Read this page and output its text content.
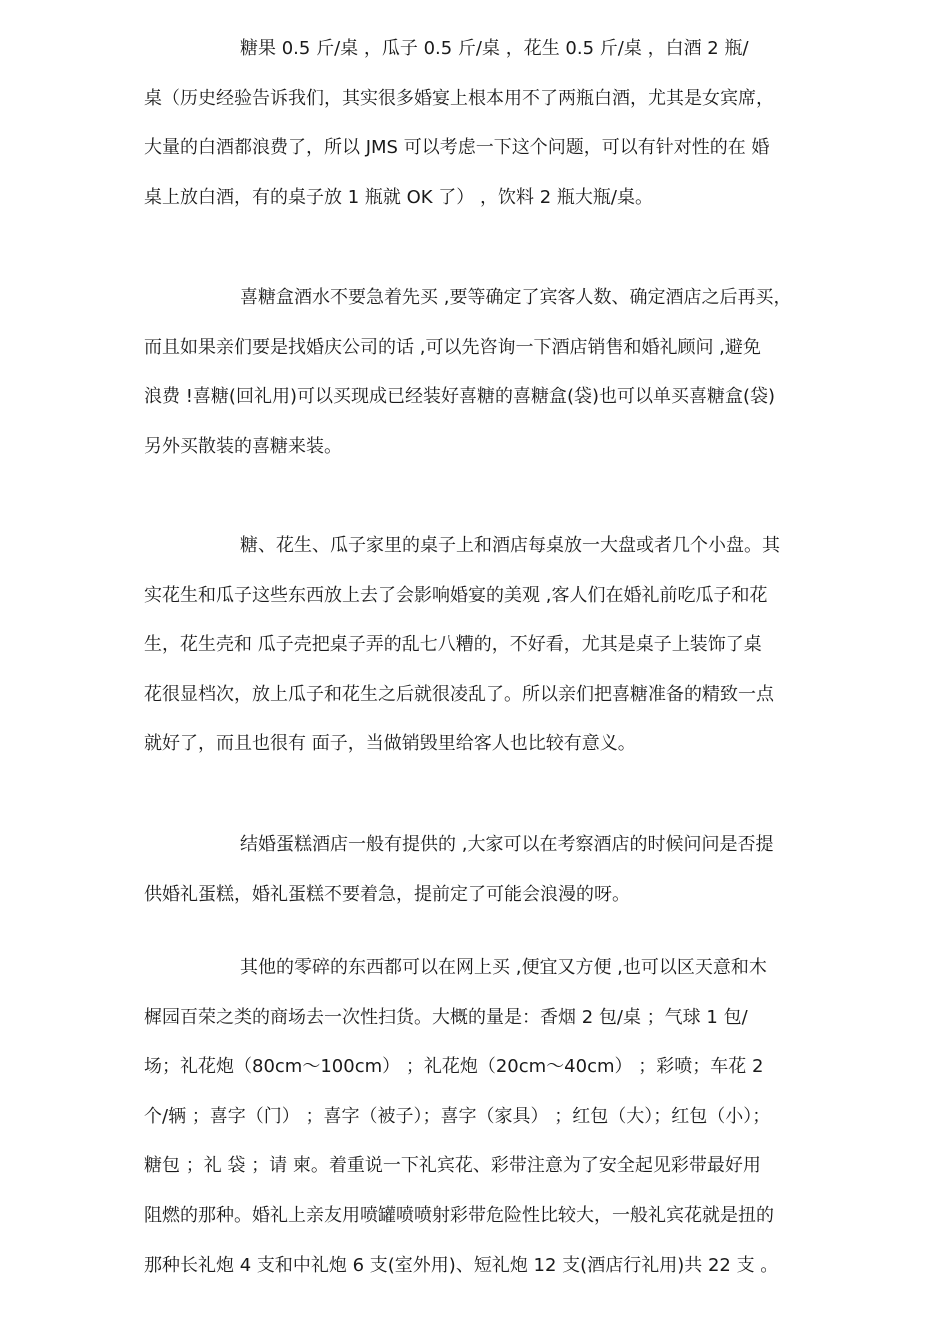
糖果 0.5 斤/桌 ，瓜子 0.5 斤/桌 ，花生 0.5 斤/桌 ，白酒 2 瓶/
桌（历史经验告诉我们，其实很多婚宴上根本用不了两瓶白酒，尤其是女宾席，
大量的白酒都浪费了，所以 JMS 可以考虑一下这个问题，可以有针对性的在 婚
桌上放白酒，有的桌子放 1 瓶就 OK 了） ，饮料 2 瓶大瓶/桌。
喜糖盒酒水不要急着先买 ,要等确定了宾客人数、确定酒店之后再买，
而且如果亲们要是找婚庆公司的话 ,可以先咨询一下酒店销售和婚礼顾问 ,避免
浪费 !喜糖(回礼用)可以买现成已经装好喜糖的喜糖盒(袋)也可以单买喜糖盒(袋)
另外买散装的喜糖来装。
糖、花生、瓜子家里的桌子上和酒店每桌放一大盘或者几个小盘。其
实花生和瓜子这些东西放上去了会影响婚宴的美观 ,客人们在婚礼前吃瓜子和花
生，花生壳和 瓜子壳把桌子弄的乱七八糟的，不好看，尤其是桌子上装饰了桌
花很显档次，放上瓜子和花生之后就很凌乱了。所以亲们把喜糖准备的精致一点
就好了，而且也很有 面子，当做销毁里给客人也比较有意义。
结婚蛋糕酒店一般有提供的 ,大家可以在考察酒店的时候问问是否提
供婚礼蛋糕，婚礼蛋糕不要着急，提前定了可能会浪漫的呀。
其他的零碎的东西都可以在网上买 ,便宜又方便 ,也可以区天意和木
樨园百荣之类的商场去一次性扫货。大概的量是：香烟 2 包/桌 ；气球 1 包/
场；礼花炮（80cm～100cm） ；礼花炮（20cm～40cm） ；彩喷；车花 2
个/辆 ；喜字（门） ；喜字（被子）；喜字（家具） ；红包（大）；红包（小）；
糖包 ；礼 袋 ；请 柬。着重说一下礼宾花、彩带注意为了安全起见彩带最好用
阻燃的那种。婚礼上亲友用喷罐喷喷射彩带危险性比较大，一般礼宾花就是扭的
那种长礼炮 4 支和中礼炮 6 支(室外用)、短礼炮 12 支(酒店行礼用)共 22 支 。
